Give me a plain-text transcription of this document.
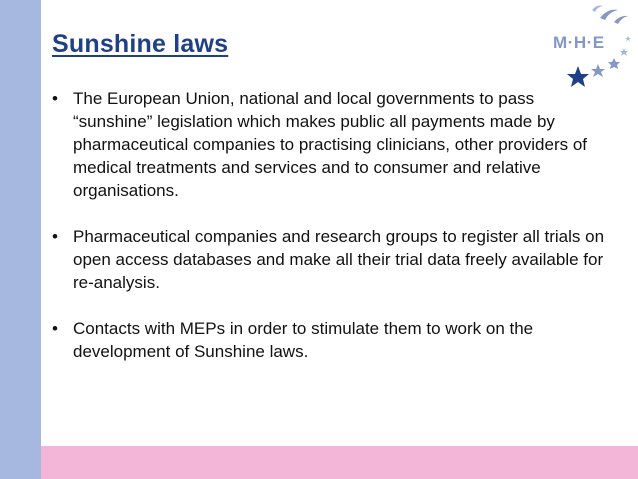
Sunshine laws	M·H·E
• The European Union, national and local governments to pass “sunshine” legislation which makes public all payments made by pharmaceutical companies to practising clinicians, other providers of medical treatments and services and to consumer and relative organisations.
• Pharmaceutical companies and research groups to register all trials on open access databases and make all their trial data freely available for re-analysis.
• Contacts with MEPs in order to stimulate them to work on the development of Sunshine laws.
